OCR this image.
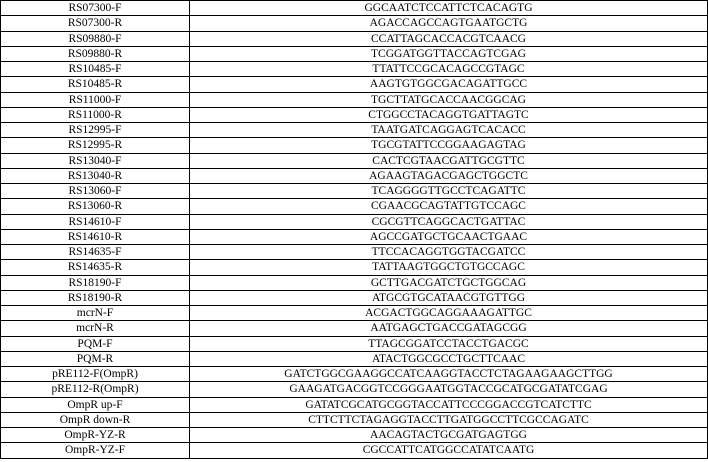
RS07300-F	GGCAATCTCCATTCTCACAGTG
RS07300-R	AGACCAGCCAGTGAATGCTG
RS09880-F	CCATTAGCACCACGTCAACG
RS09880-R	TCGGATGGTTACCAGTCGAG
RS10485-F	TTATTCCGCACAGCCGTAGC
RS10485-R	AAGTGTGGCGACAGATTGCC
RS11000-F	TGCTTATGCACCAACGGCAG
RS11000-R	CTGGCCTACAGGTGATTAGTC
RS12995-F	TAATGATCAGGAGTCACACC
RS12995-R	TGCGTATTCCGGAAGAGTAG
RS13040-F	CACTCGTAACGATTGCGTTC
RS13040-R	AGAAGTAGACGAGCTGGCTC
RS13060-F	TCAGGGGTTGCCTCAGATTC
RS13060-R	CGAACGCAGTATTGTCCAGC
RS14610-F	CGCGTTCAGGCACTGATTAC
RS14610-R	AGCCGATGCTGCAACTGAAC
RS14635-F	TTCCACAGGTGGTACGATCC
RS14635-R	TATTAAGTGGCTGTGCCAGC
RS18190-F	GCTTGACGATCTGCTGGCAG
RS18190-R	ATGCGTGCATAACGTGTTGG
mcrN-F	ACGACTGGCAGGAAAGATTGC
mcrN-R	AATGAGCTGACCGATAGCGG
PQM-F	TTAGCGGATCCTACCTGACGC
PQM-R	ATACTGGCGCCTGCTTCAAC
pRE112-F(OmpR)	GATCTGGCGAAGGCCATCAAGGTACCTCTAGAAGAAGCTTGG
pRE112-R(OmpR)	GAAGATGACGGTCCGGGAATGGTACCGCATGCGATATCGAG
OmpR up-F	GATATCGCATGCGGTACCATTCCCGGACCGTCATCTTC
OmpR down-R	CTTCTTCTAGAGGTACCTTGATGGCCTTCGCCAGATC
OmpR-YZ-R	AACAGTACTGCGATGAGTGG
OmpR-YZ-F	CGCCATTCATGGCCATATCAATG
